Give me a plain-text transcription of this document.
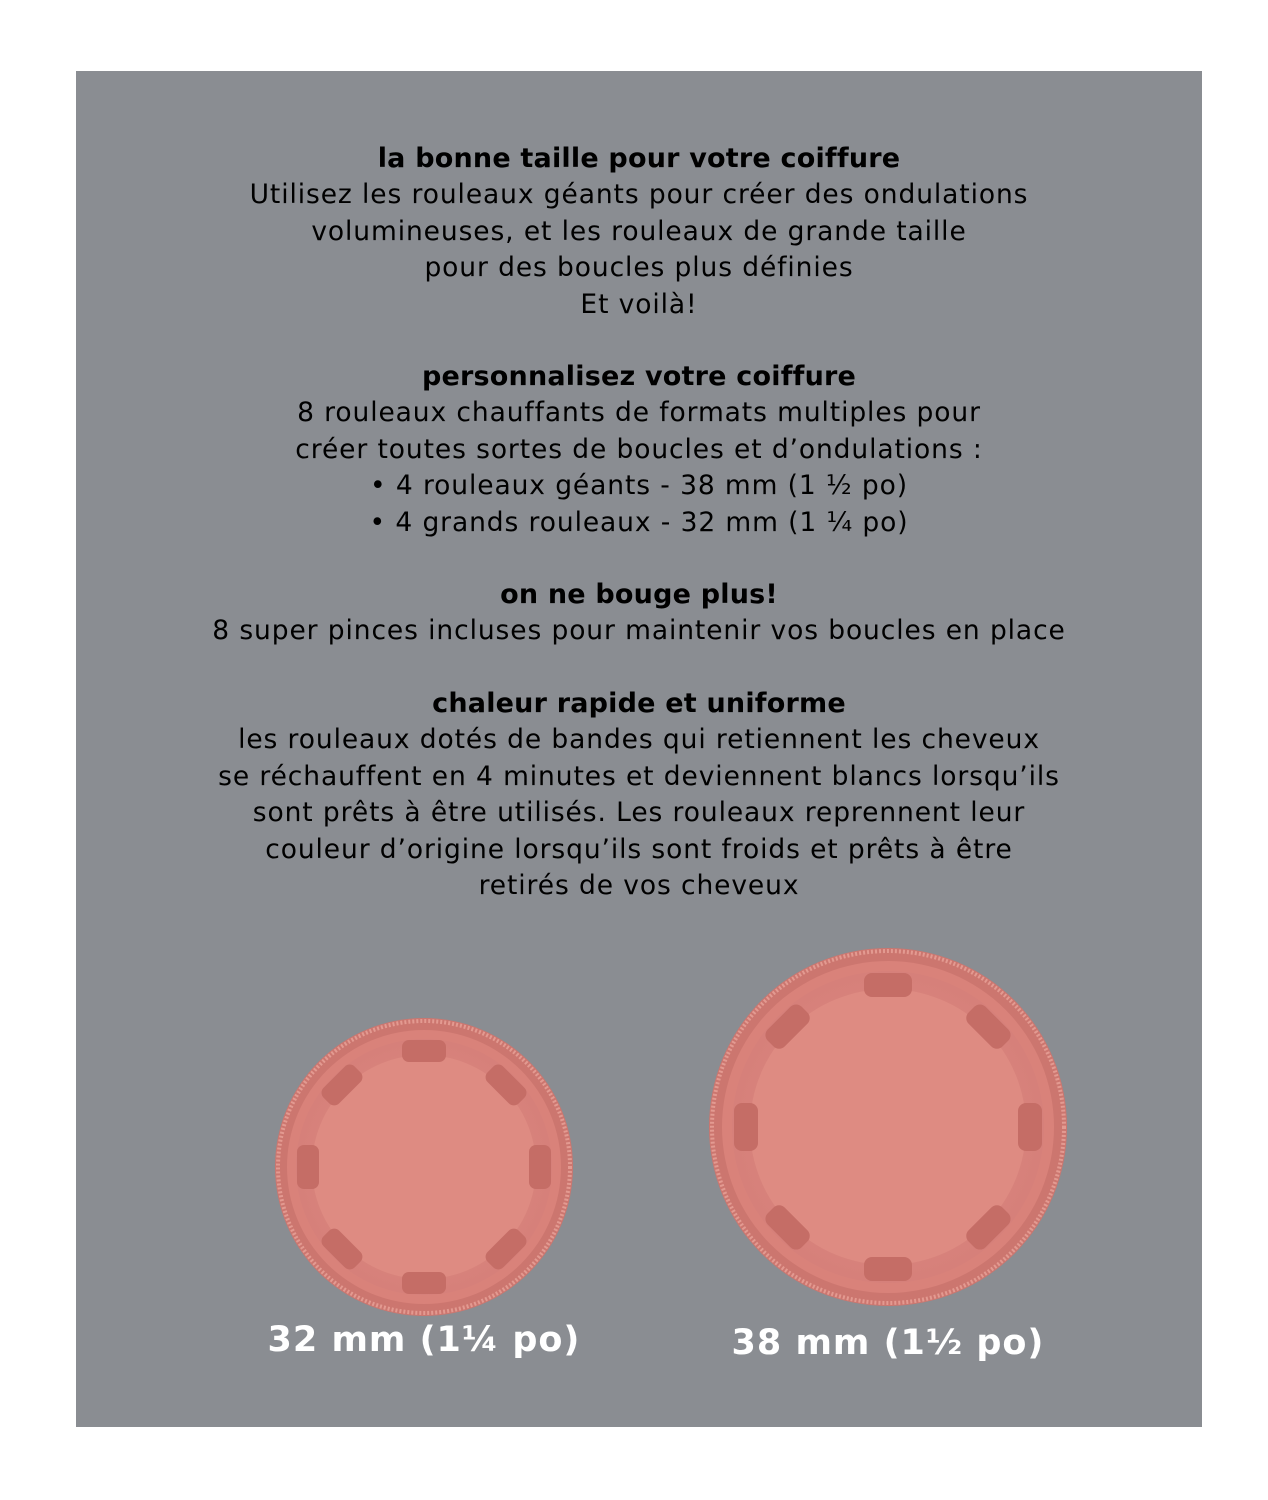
la bonne taille pour votre coiffure
Utilisez les rouleaux géants pour créer des ondulations
volumineuses, et les rouleaux de grande taille
pour des boucles plus définies
Et voilà!
personnalisez votre coiffure
8 rouleaux chauffants de formats multiples pour
créer toutes sortes de boucles et d’ondulations :
• 4 rouleaux géants - 38 mm (1 ½ po)
• 4 grands rouleaux - 32 mm (1 ¼ po)
on ne bouge plus!
8 super pinces incluses pour maintenir vos boucles en place
chaleur rapide et uniforme
les rouleaux dotés de bandes qui retiennent les cheveux
se réchauffent en 4 minutes et deviennent blancs lorsqu’ils
sont prêts à être utilisés. Les rouleaux reprennent leur
couleur d’origine lorsqu’ils sont froids et prêts à être
retirés de vos cheveux
32 mm (1¼ po)	38 mm (1½ po)
